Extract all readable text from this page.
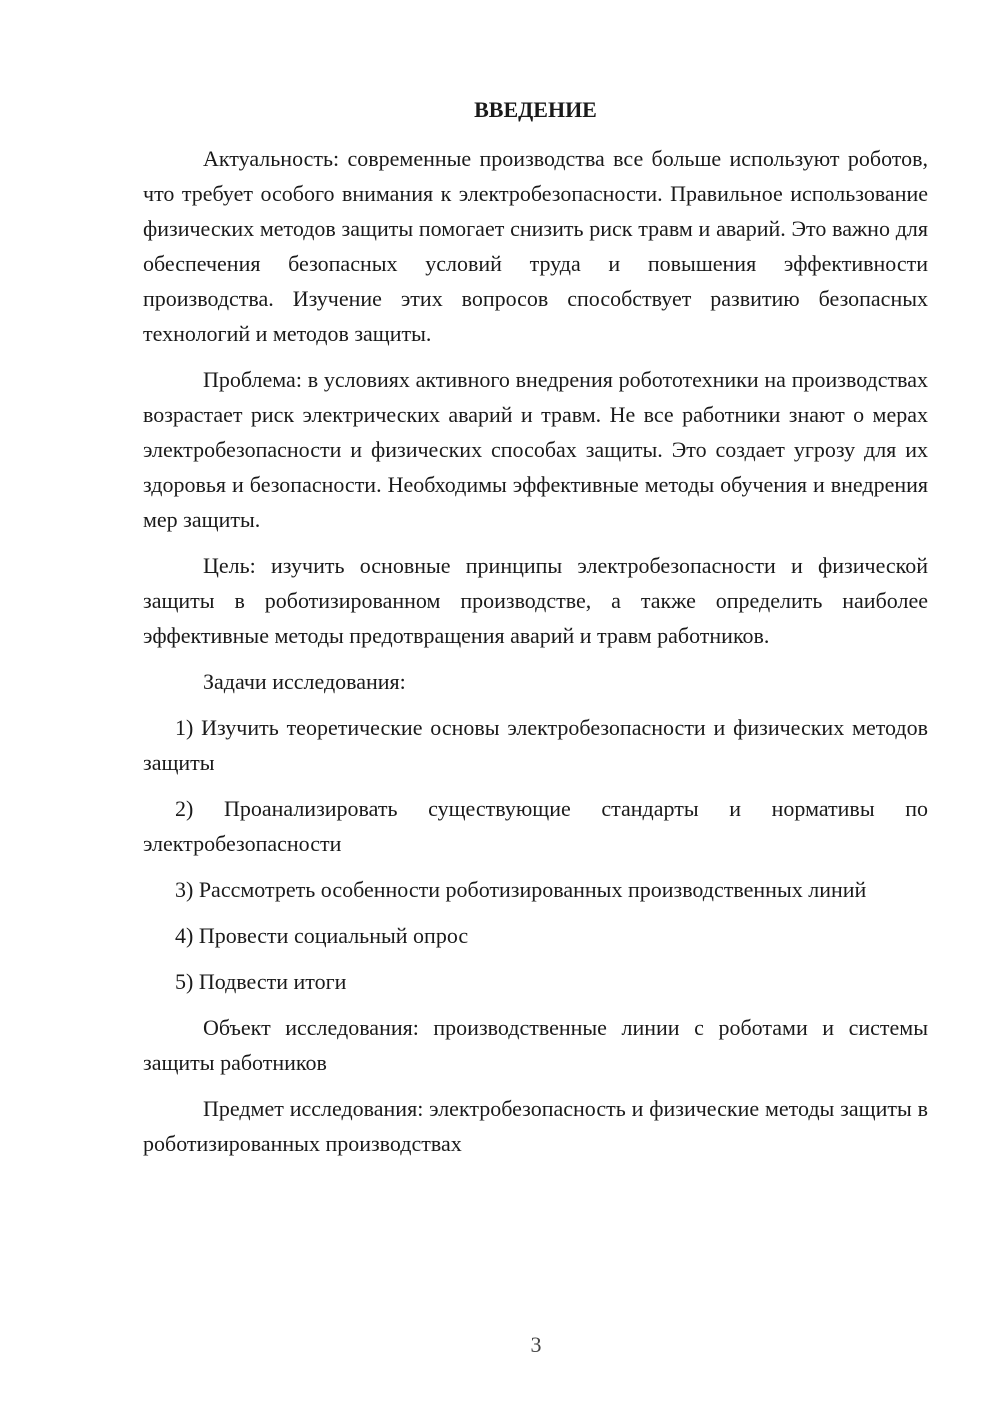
ВВЕДЕНИЕ

Актуальность: современные производства все больше используют роботов, что требует особого внимания к электробезопасности. Правильное использование физических методов защиты помогает снизить риск травм и аварий. Это важно для обеспечения безопасных условий труда и повышения эффективности производства. Изучение этих вопросов способствует развитию безопасных технологий и методов защиты.

Проблема: в условиях активного внедрения робототехники на производствах возрастает риск электрических аварий и травм. Не все работники знают о мерах электробезопасности и физических способах защиты. Это создает угрозу для их здоровья и безопасности. Необходимы эффективные методы обучения и внедрения мер защиты.

Цель: изучить основные принципы электробезопасности и физической защиты в роботизированном производстве, а также определить наиболее эффективные методы предотвращения аварий и травм работников.

Задачи исследования:

1) Изучить теоретические основы электробезопасности и физических методов защиты

2) Проанализировать существующие стандарты и нормативы по электробезопасности

3) Рассмотреть особенности роботизированных производственных линий

4) Провести социальный опрос

5) Подвести итоги

Объект исследования: производственные линии с роботами и системы защиты работников

Предмет исследования: электробезопасность и физические методы защиты в роботизированных производствах

3
